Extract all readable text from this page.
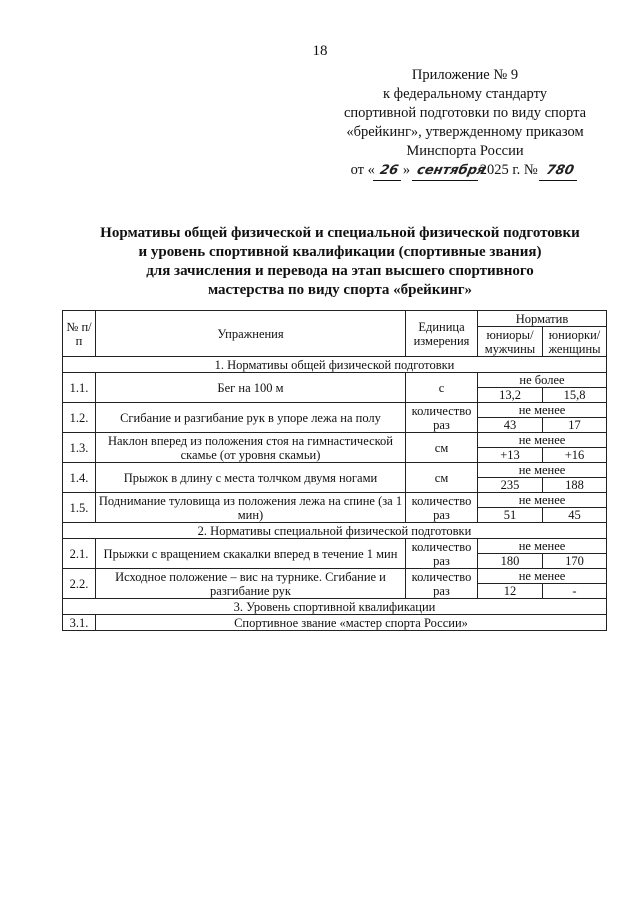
18
Приложение № 9
к федеральному стандарту
спортивной подготовки по виду спорта
«брейкинг», утвержденному приказом
Минспорта России
от « 26 » сентября2025 г. № 780
Нормативы общей физической и специальной физической подготовки
и уровень спортивной квалификации (спортивные звания)
для зачисления и перевода на этап высшего спортивного
мастерства по виду спорта «брейкинг»
№ п/п	Упражнения	Единица измерения	Норматив	
			юниоры/ мужчины	юниорки/ женщины
1. Нормативы общей физической подготовки				
1.1.	Бег на 100 м	с	не более	
			13,2	15,8
1.2.	Сгибание и разгибание рук в упоре лежа на полу	количество раз	не менее	
			43	17
1.3.	Наклон вперед из положения стоя на гимнастической скамье (от уровня скамьи)	см	не менее	
			+13	+16
1.4.	Прыжок в длину с места толчком двумя ногами	см	не менее	
			235	188
1.5.	Поднимание туловища из положения лежа на спине (за 1 мин)	количество раз	не менее	
			51	45
2. Нормативы специальной физической подготовки				
2.1.	Прыжки с вращением скакалки вперед в течение 1 мин	количество раз	не менее	
			180	170
2.2.	Исходное положение – вис на турнике. Сгибание и разгибание рук	количество раз	не менее	
			12	-
3. Уровень спортивной квалификации				
3.1.	Спортивное звание «мастер спорта России»			
